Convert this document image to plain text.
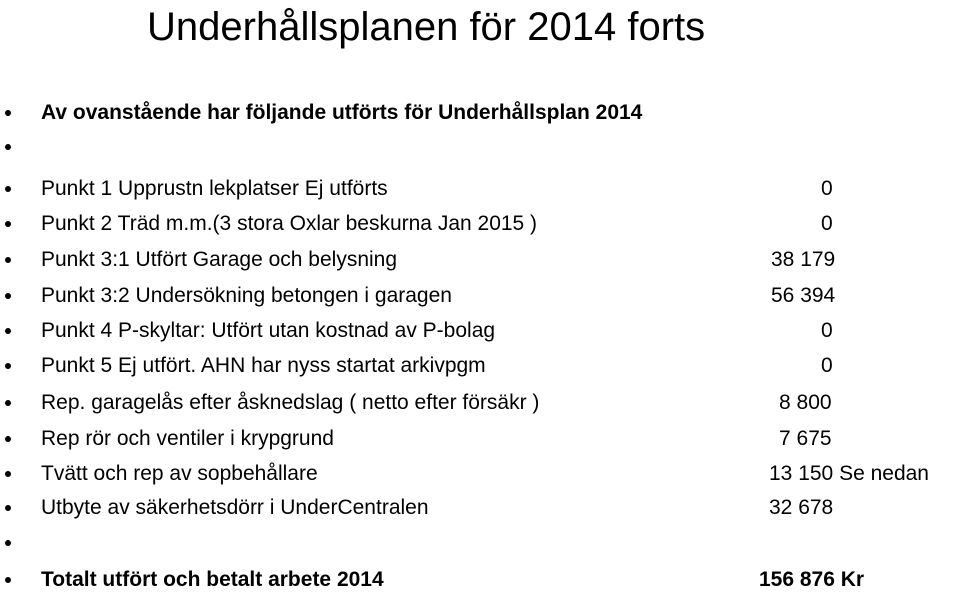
Underhållsplanen för 2014 forts
Av ovanstående har följande utförts för Underhållsplan 2014
Punkt 1 Upprustn lekplatser Ej utförts	0
Punkt 2 Träd m.m.(3 stora Oxlar beskurna Jan 2015 )	0
Punkt 3:1 Utfört Garage och belysning	38 179
Punkt 3:2 Undersökning betongen i garagen	56 394
Punkt 4 P-skyltar: Utfört utan kostnad av P-bolag	0
Punkt 5 Ej utfört. AHN har nyss startat arkivpgm	0
Rep. garagelås efter åsknedslag ( netto efter försäkr )	8 800
Rep rör och ventiler i krypgrund	7 675
Tvätt och rep av sopbehållare	13 150 Se nedan
Utbyte av säkerhetsdörr i UnderCentralen	32 678
Totalt utfört och betalt arbete 2014	156 876 Kr
